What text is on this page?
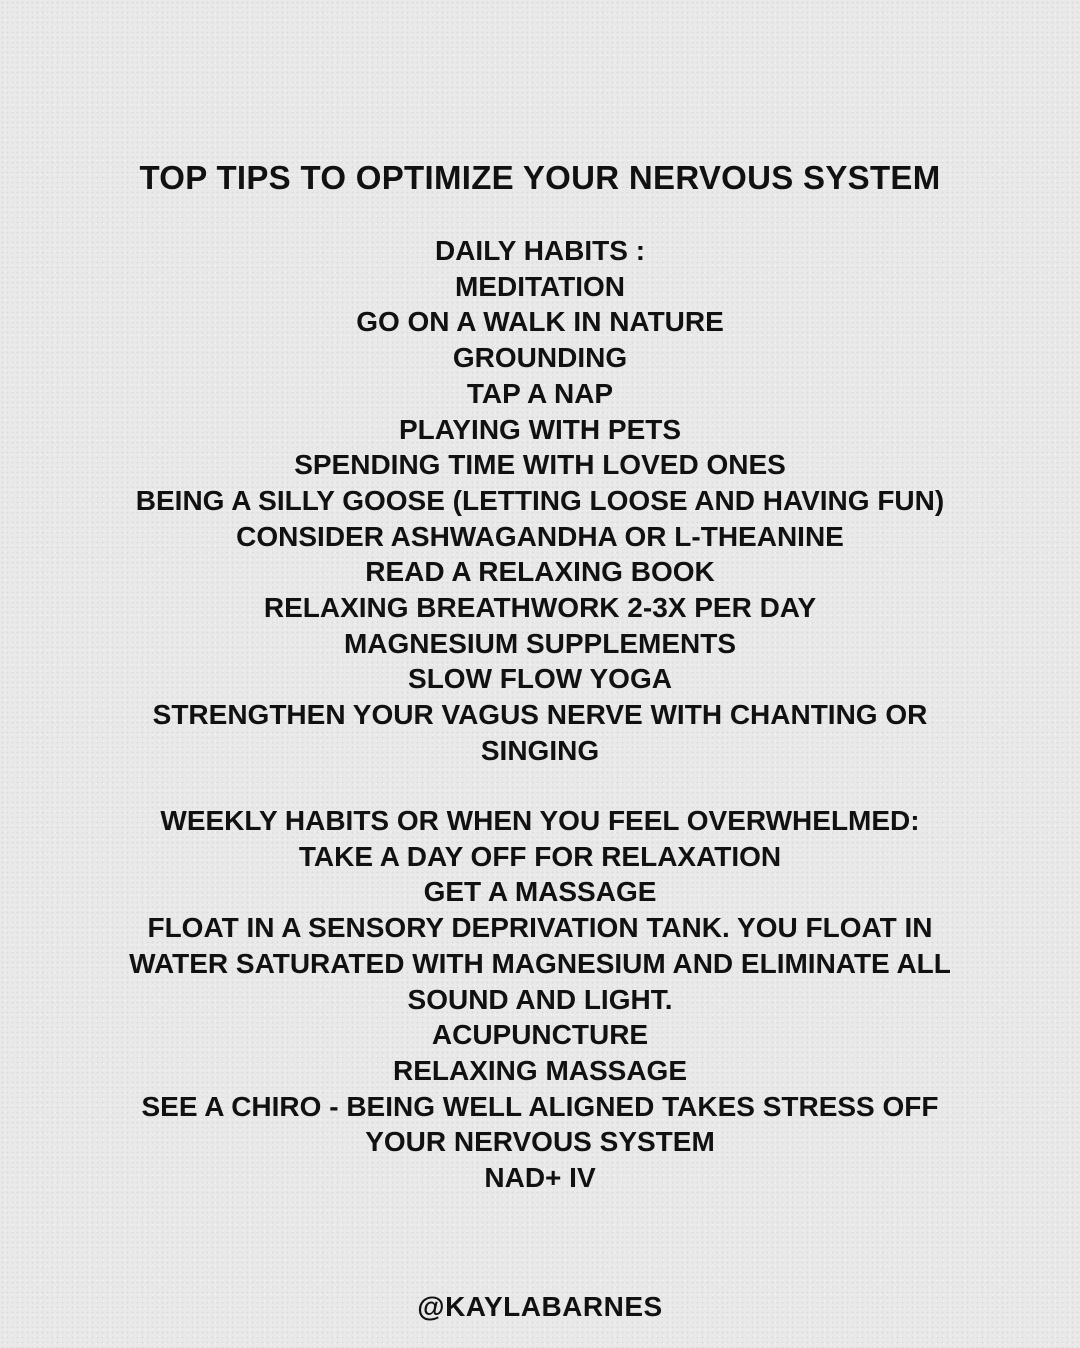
TOP TIPS TO OPTIMIZE YOUR NERVOUS SYSTEM
DAILY HABITS :
MEDITATION
GO ON A WALK IN NATURE
GROUNDING
TAP A NAP
PLAYING WITH PETS
SPENDING TIME WITH LOVED ONES
BEING A SILLY GOOSE (LETTING LOOSE AND HAVING FUN)
CONSIDER ASHWAGANDHA OR L-THEANINE
READ A RELAXING BOOK
RELAXING BREATHWORK 2-3X PER DAY
MAGNESIUM SUPPLEMENTS
SLOW FLOW YOGA
STRENGTHEN YOUR VAGUS NERVE WITH CHANTING OR
SINGING
WEEKLY HABITS OR WHEN YOU FEEL OVERWHELMED:
TAKE A DAY OFF FOR RELAXATION
GET A MASSAGE
FLOAT IN A SENSORY DEPRIVATION TANK. YOU FLOAT IN
WATER SATURATED WITH MAGNESIUM AND ELIMINATE ALL
SOUND AND LIGHT.
ACUPUNCTURE
RELAXING MASSAGE
SEE A CHIRO - BEING WELL ALIGNED TAKES STRESS OFF
YOUR NERVOUS SYSTEM
NAD+ IV
@KAYLABARNES
